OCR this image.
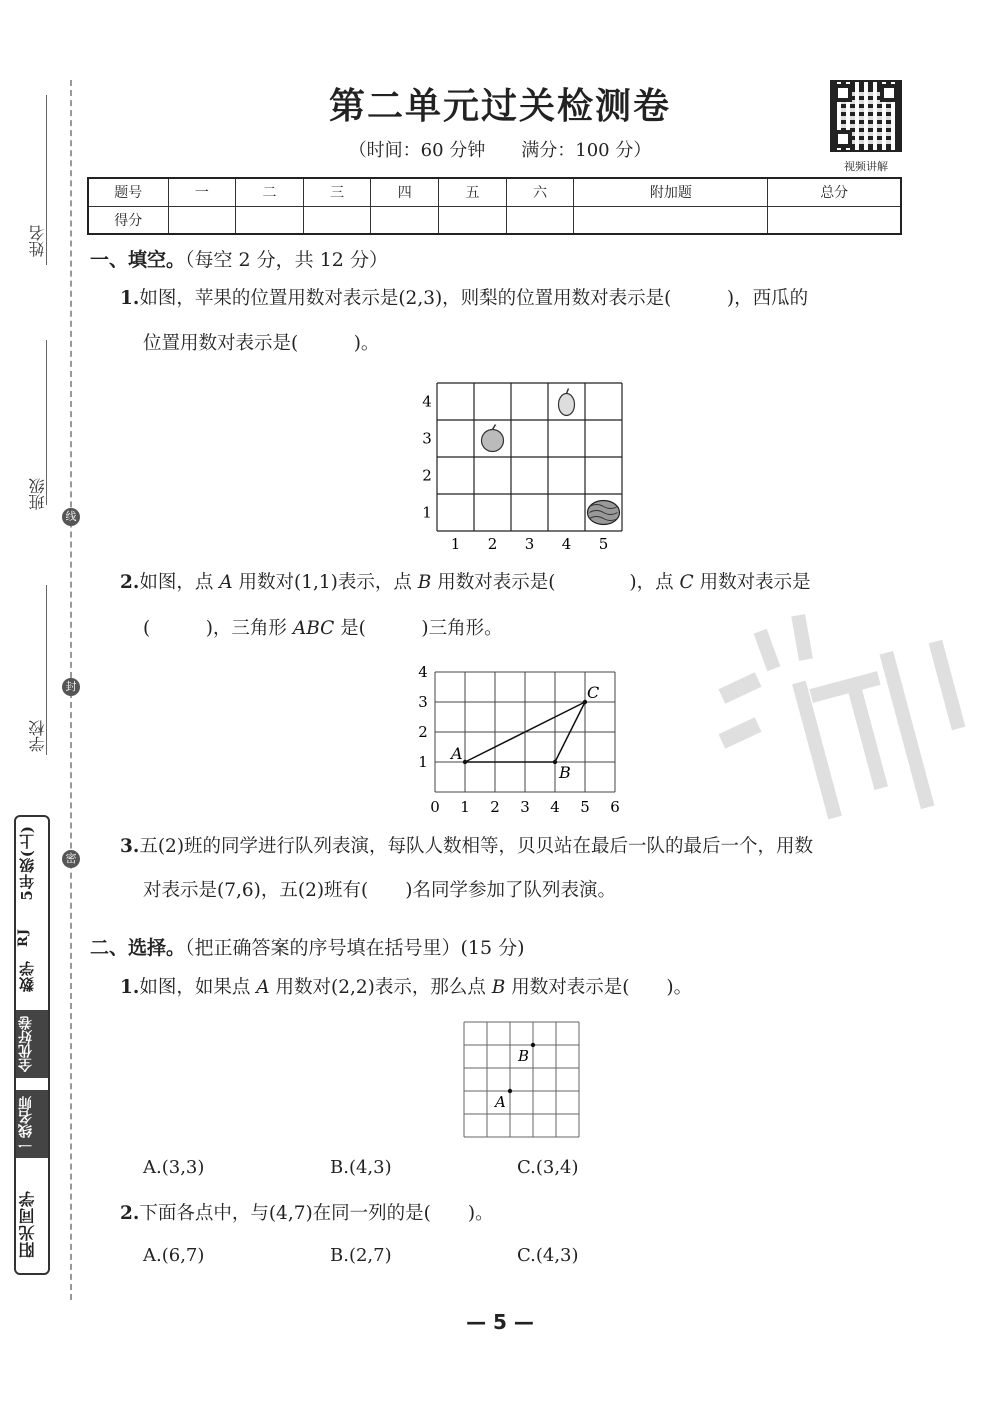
姓名
班级
线
学校
封
密
5年级(上)
RJ
数学
全优好卷
一线名师
阳光同学
第二单元过关检测卷
（时间：60 分钟　　满分：100 分）
视频讲解
题号	一	二	三	四	五	六	附加题	总分
得分								
一、填空。（每空 2 分，共 12 分）
1.如图，苹果的位置用数对表示是(2,3)，则梨的位置用数对表示是(　　　)，西瓜的
位置用数对表示是(　　　)。
1 2 3 4 5
1
2
3
4
2.如图，点 A 用数对(1,1)表示，点 B 用数对表示是(　　　　)，点 C 用数对表示是
(　　　)，三角形 ABC 是(　　　)三角形。
0 1 2 3 4 5 6
1
2
3
4
A
B
C
3.五(2)班的同学进行队列表演，每队人数相等，贝贝站在最后一队的最后一个，用数
对表示是(7,6)，五(2)班有(　　)名同学参加了队列表演。
二、选择。（把正确答案的序号填在括号里）(15 分)
1.如图，如果点 A 用数对(2,2)表示，那么点 B 用数对表示是(　　)。
A
B
A.(3,3)	B.(4,3)	C.(3,4)
2.下面各点中，与(4,7)在同一列的是(　　)。
A.(6,7)	B.(2,7)	C.(4,3)
— 5 —
